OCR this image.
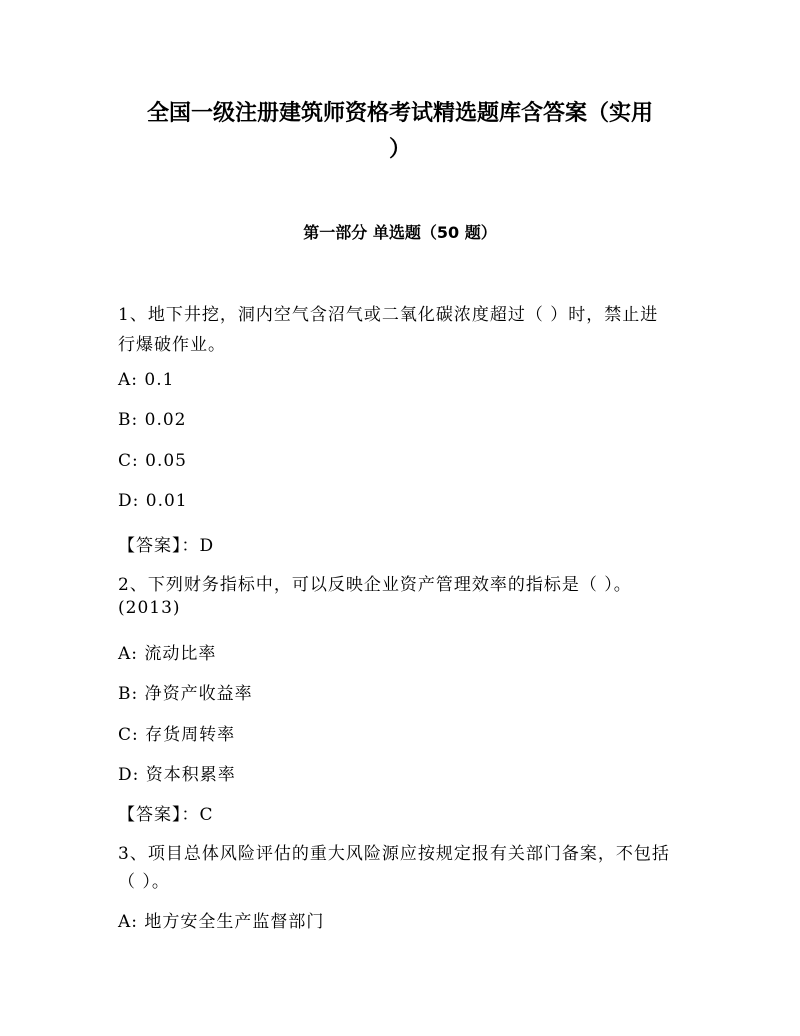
全国一级注册建筑师资格考试精选题库含答案（实用
）
第一部分 单选题（50 题）
1、地下井挖，洞内空气含沼气或二氧化碳浓度超过（ ）时，禁止进
行爆破作业。
A: 0.1
B: 0.02
C: 0.05
D: 0.01
【答案】：D
2、下列财务指标中，可以反映企业资产管理效率的指标是（ ）。
(2013)
A: 流动比率
B: 净资产收益率
C: 存货周转率
D: 资本积累率
【答案】：C
3、项目总体风险评估的重大风险源应按规定报有关部门备案，不包括
（ ）。
A: 地方安全生产监督部门
